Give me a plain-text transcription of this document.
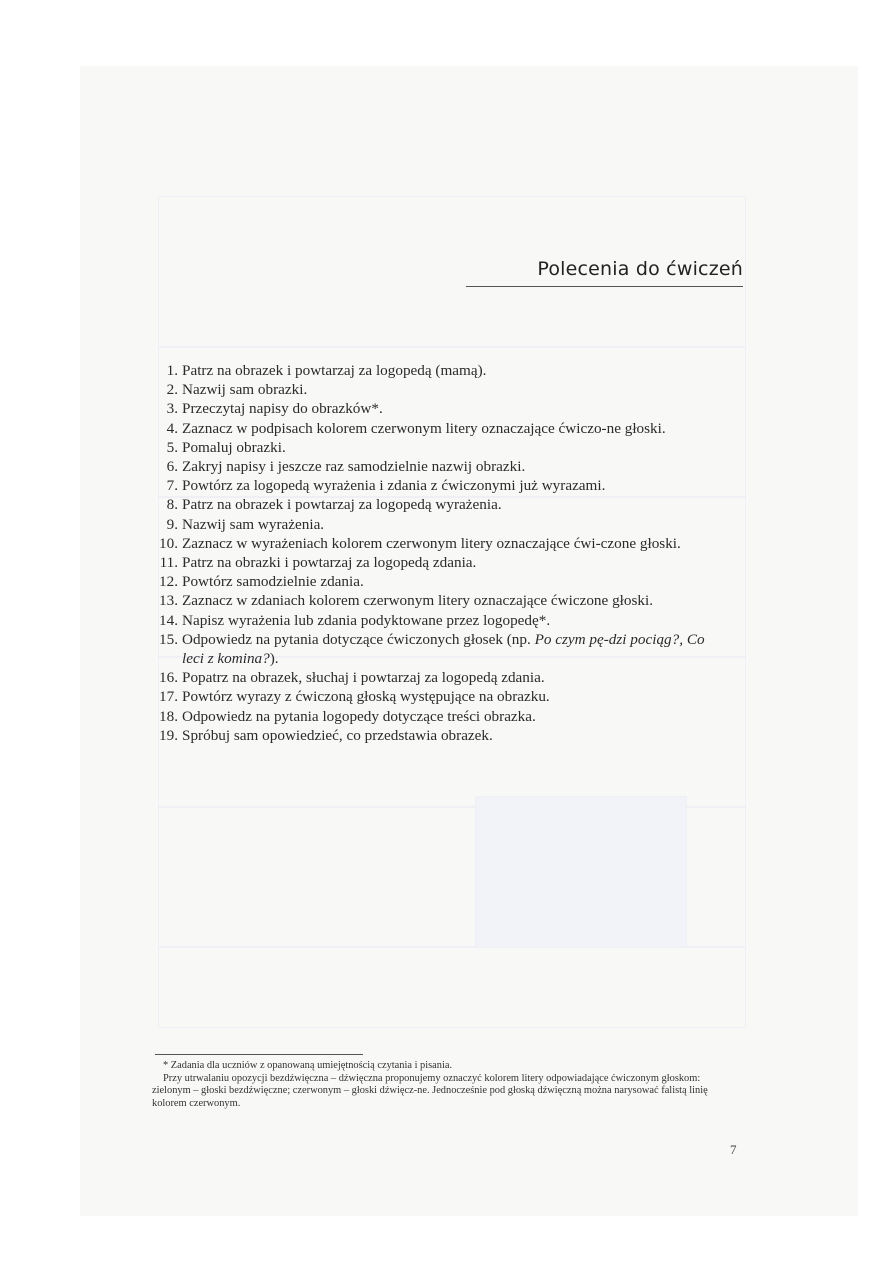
Polecenia do ćwiczeń
1. Patrz na obrazek i powtarzaj za logopedą (mamą).
2. Nazwij sam obrazki.
3. Przeczytaj napisy do obrazków*.
4. Zaznacz w podpisach kolorem czerwonym litery oznaczające ćwiczo-ne głoski.
5. Pomaluj obrazki.
6. Zakryj napisy i jeszcze raz samodzielnie nazwij obrazki.
7. Powtórz za logopedą wyrażenia i zdania z ćwiczonymi już wyrazami.
8. Patrz na obrazek i powtarzaj za logopedą wyrażenia.
9. Nazwij sam wyrażenia.
10. Zaznacz w wyrażeniach kolorem czerwonym litery oznaczające ćwi-czone głoski.
11. Patrz na obrazki i powtarzaj za logopedą zdania.
12. Powtórz samodzielnie zdania.
13. Zaznacz w zdaniach kolorem czerwonym litery oznaczające ćwiczone głoski.
14. Napisz wyrażenia lub zdania podyktowane przez logopedę*.
15. Odpowiedz na pytania dotyczące ćwiczonych głosek (np. Po czym pę-dzi pociąg?, Co leci z komina?).
16. Popatrz na obrazek, słuchaj i powtarzaj za logopedą zdania.
17. Powtórz wyrazy z ćwiczoną głoską występujące na obrazku.
18. Odpowiedz na pytania logopedy dotyczące treści obrazka.
19. Spróbuj sam opowiedzieć, co przedstawia obrazek.

* Zadania dla uczniów z opanowaną umiejętnością czytania i pisania.

Przy utrwalaniu opozycji bezdźwięczna – dźwięczna proponujemy oznaczyć kolorem litery odpowiadające ćwiczonym głoskom: zielonym – głoski bezdźwięczne; czerwonym – głoski dźwięcz-ne. Jednocześnie pod głoską dźwięczną można narysować falistą linię kolorem czerwonym.

7
